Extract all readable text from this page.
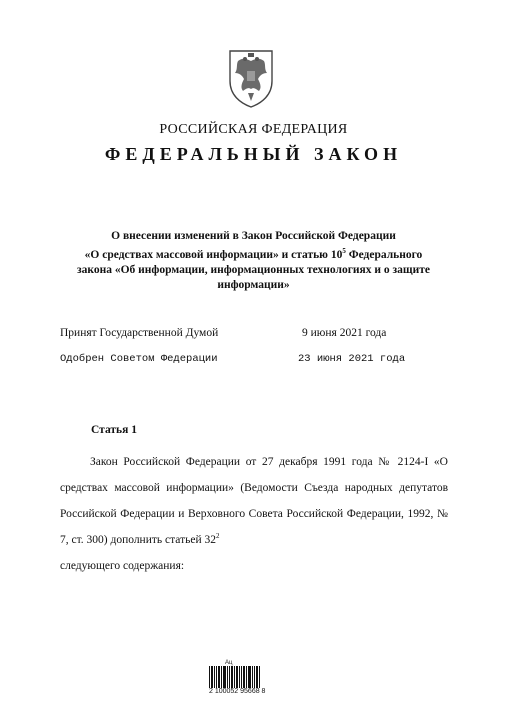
РОССИЙСКАЯ ФЕДЕРАЦИЯ
ФЕДЕРАЛЬНЫЙ ЗАКОН
О внесении изменений в Закон Российской Федерации
«О средствах массовой информации» и статью $10^5$ Федерального
закона «Об информации, информационных технологиях и о защите
информации»
Принят Государственной Думой	9 июня 2021 года
Одобрен Советом Федерации	23 июня 2021 года
Статья 1
Закон Российской Федерации от 27 декабря 1991 года № 2124-I «О средствах массовой информации» (Ведомости Съезда народных депутатов Российской Федерации и Верховного Совета Российской Федерации, 1992, № 7, ст. 300) дополнить статьей $32^2$
следующего содержания:
Ац
2 100052 95668 8
